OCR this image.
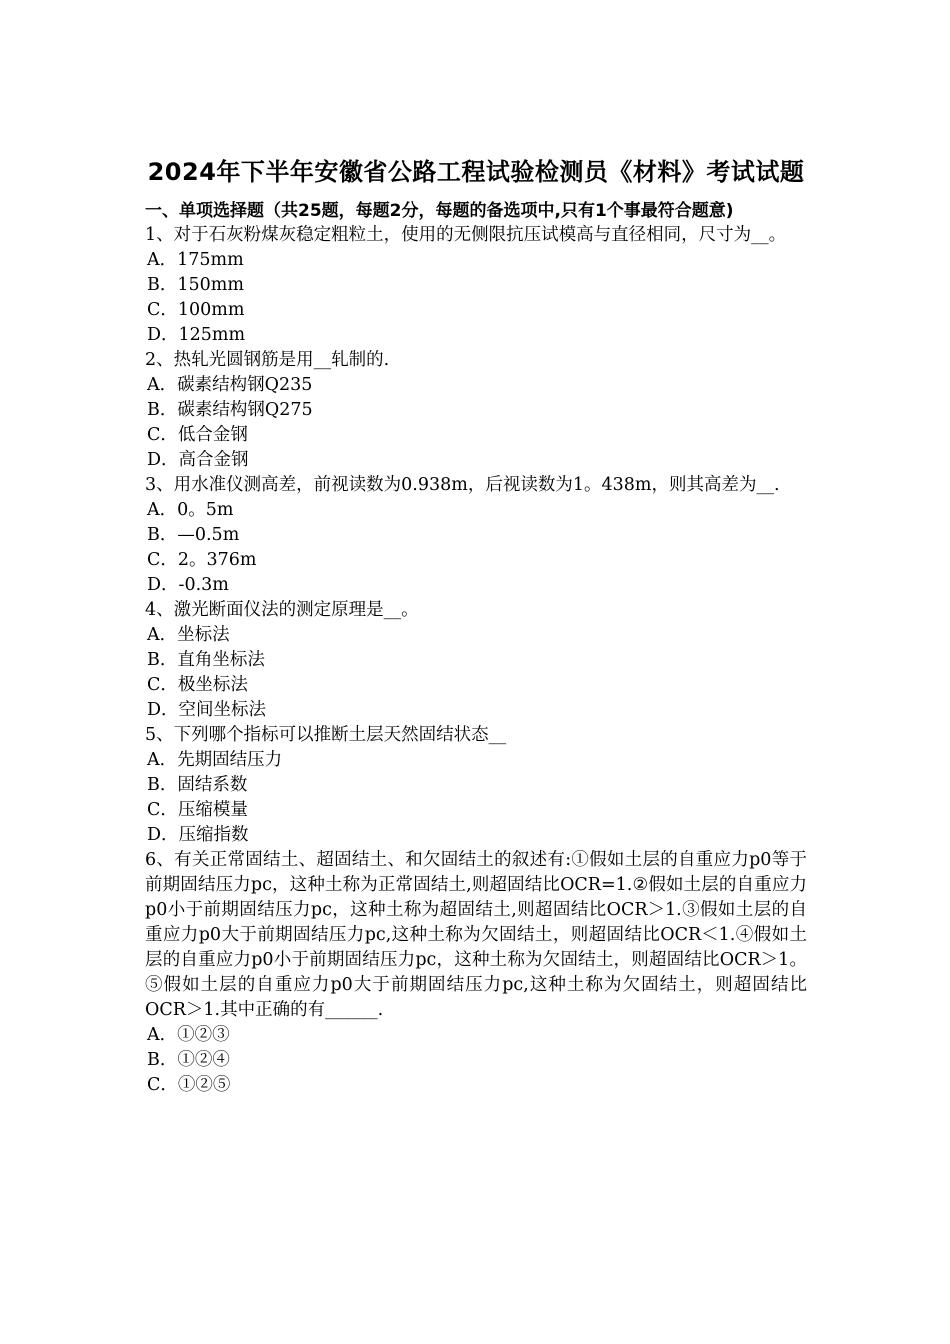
2024年下半年安徽省公路工程试验检测员《材料》考试试题

一、单项选择题（共25题，每题2分，每题的备选项中,只有1个事最符合题意)

1、对于石灰粉煤灰稳定粗粒土，使用的无侧限抗压试模高与直径相同，尺寸为__。

A．175mm

B．150mm

C．100mm

D．125mm

2、热轧光圆钢筋是用__轧制的.

A．碳素结构钢Q235

B．碳素结构钢Q275

C．低合金钢

D．高合金钢

3、用水准仪测高差，前视读数为0.938m，后视读数为1。438m，则其高差为__.

A．0。5m

B．—0.5m

C．2。376m

D．-0.3m

4、激光断面仪法的测定原理是__。

A．坐标法

B．直角坐标法

C．极坐标法

D．空间坐标法

5、下列哪个指标可以推断土层天然固结状态__

A．先期固结压力

B．固结系数

C．压缩模量

D．压缩指数

6、有关正常固结土、超固结土、和欠固结土的叙述有:①假如土层的自重应力p0等于前期固结压力pc，这种土称为正常固结土,则超固结比OCR=1.②假如土层的自重应力p0小于前期固结压力pc，这种土称为超固结土,则超固结比OCR＞1.③假如土层的自重应力p0大于前期固结压力pc,这种土称为欠固结土，则超固结比OCR＜1.④假如土层的自重应力p0小于前期固结压力pc，这种土称为欠固结土，则超固结比OCR＞1。⑤假如土层的自重应力p0大于前期固结压力pc,这种土称为欠固结土，则超固结比OCR＞1.其中正确的有______.

A．①②③

B．①②④

C．①②⑤
